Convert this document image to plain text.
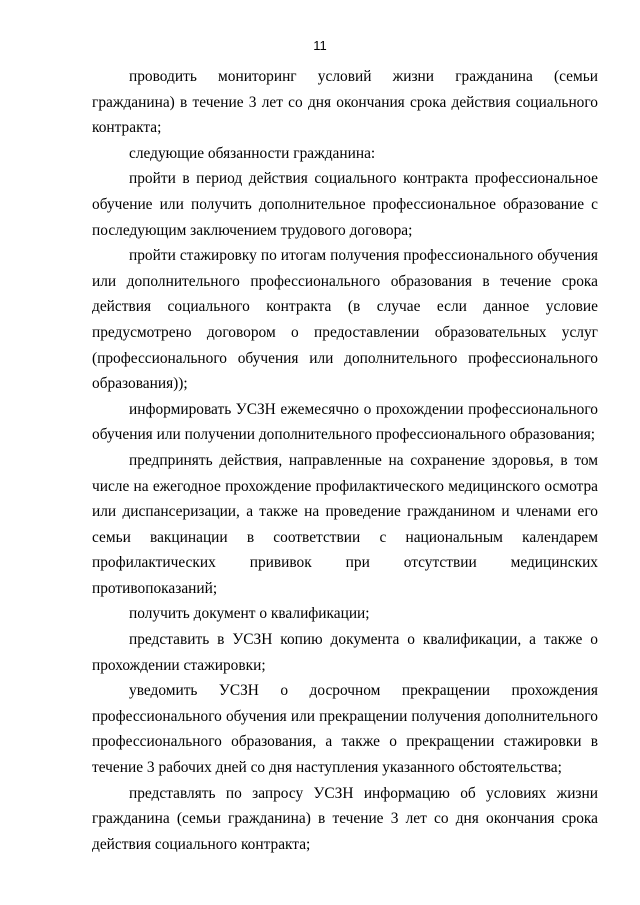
11

проводить мониторинг условий жизни гражданина (семьи гражданина) в течение 3 лет со дня окончания срока действия социального контракта;

следующие обязанности гражданина:

пройти в период действия социального контракта профессиональное обучение или получить дополнительное профессиональное образование с последующим заключением трудового договора;

пройти стажировку по итогам получения профессионального обучения или дополнительного профессионального образования в течение срока действия социального контракта (в случае если данное условие предусмотрено договором о предоставлении образовательных услуг (профессионального обучения или дополнительного профессионального образования));

информировать УСЗН ежемесячно о прохождении профессионального обучения или получении дополнительного профессионального образования;

предпринять действия, направленные на сохранение здоровья, в том числе на ежегодное прохождение профилактического медицинского осмотра или диспансеризации, а также на проведение гражданином и членами его семьи вакцинации в соответствии с национальным календарем профилактических прививок при отсутствии медицинских противопоказаний;

получить документ о квалификации;

представить в УСЗН копию документа о квалификации, а также о прохождении стажировки;

уведомить УСЗН о досрочном прекращении прохождения профессионального обучения или прекращении получения дополнительного профессионального образования, а также о прекращении стажировки в течение 3 рабочих дней со дня наступления указанного обстоятельства;

представлять по запросу УСЗН информацию об условиях жизни гражданина (семьи гражданина) в течение 3 лет со дня окончания срока действия социального контракта;
